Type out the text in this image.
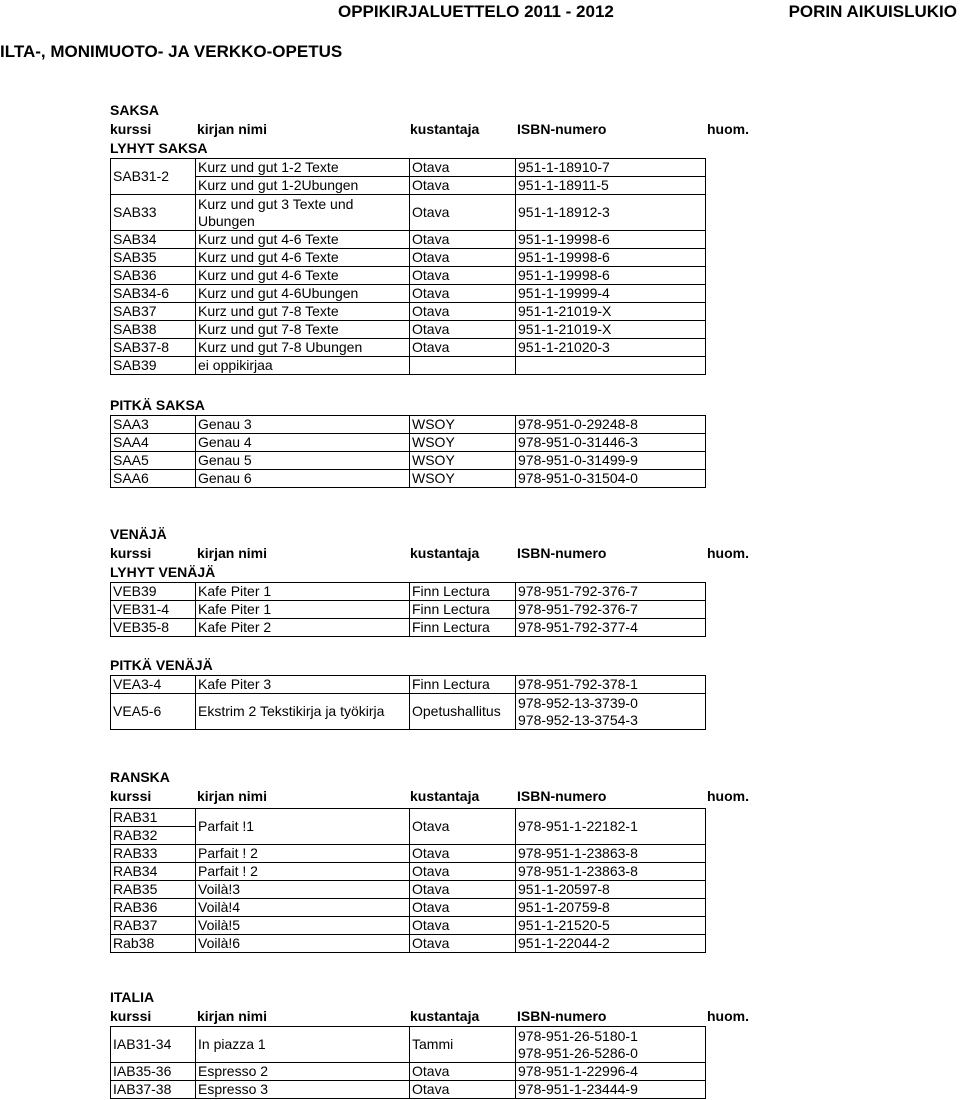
OPPIKIRJALUETTELO 2011 - 2012	PORIN AIKUISLUKIO
ILTA-, MONIMUOTO- JA VERKKO-OPETUS
SAKSA
kurssi	kirjan nimi	kustantaja	ISBN-numero	huom.
LYHYT SAKSA
SAB31-2	Kurz und gut 1-2 Texte	Otava	951-1-18910-7	
	Kurz und gut 1-2Ubungen	Otava	951-1-18911-5	
SAB33	Kurz und gut 3 Texte und
Ubungen	Otava	951-1-18912-3	
SAB34	Kurz und gut 4-6 Texte	Otava	951-1-19998-6	
SAB35	Kurz und gut 4-6 Texte	Otava	951-1-19998-6	
SAB36	Kurz und gut 4-6 Texte	Otava	951-1-19998-6	
SAB34-6	Kurz und gut 4-6Ubungen	Otava	951-1-19999-4	
SAB37	Kurz und gut 7-8 Texte	Otava	951-1-21019-X	
SAB38	Kurz und gut 7-8 Texte	Otava	951-1-21019-X	
SAB37-8	Kurz und gut 7-8 Ubungen	Otava	951-1-21020-3	
SAB39	ei oppikirjaa			
PITKÄ SAKSA
SAA3	Genau 3	WSOY	978-951-0-29248-8	
SAA4	Genau 4	WSOY	978-951-0-31446-3	
SAA5	Genau 5	WSOY	978-951-0-31499-9	
SAA6	Genau 6	WSOY	978-951-0-31504-0	
VENÄJÄ
kurssi	kirjan nimi	kustantaja	ISBN-numero	huom.
LYHYT VENÄJÄ
VEB39	Kafe Piter 1	Finn Lectura	978-951-792-376-7	
VEB31-4	Kafe Piter 1	Finn Lectura	978-951-792-376-7	
VEB35-8	Kafe Piter 2	Finn Lectura	978-951-792-377-4	
PITKÄ VENÄJÄ
VEA3-4	Kafe Piter 3	Finn Lectura	978-951-792-378-1	
VEA5-6	Ekstrim 2 Tekstikirja ja työkirja	Opetushallitus	978-952-13-3739-0
978-952-13-3754-3	

RANSKA
kurssi	kirjan nimi	kustantaja	ISBN-numero	huom.
RAB31	Parfait !1	Otava	978-951-1-22182-1	
RAB32				
RAB33	Parfait ! 2	Otava	978-951-1-23863-8	
RAB34	Parfait ! 2	Otava	978-951-1-23863-8	
RAB35	Voilà!3	Otava	951-1-20597-8	
RAB36	Voilà!4	Otava	951-1-20759-8	
RAB37	Voilà!5	Otava	951-1-21520-5	
Rab38	Voilà!6	Otava	951-1-22044-2	
ITALIA
kurssi	kirjan nimi	kustantaja	ISBN-numero	huom.
IAB31-34	In piazza 1	Tammi	978-951-26-5180-1
978-951-26-5286-0	

IAB35-36	Espresso 2	Otava	978-951-1-22996-4	
IAB37-38	Espresso 3	Otava	978-951-1-23444-9	
